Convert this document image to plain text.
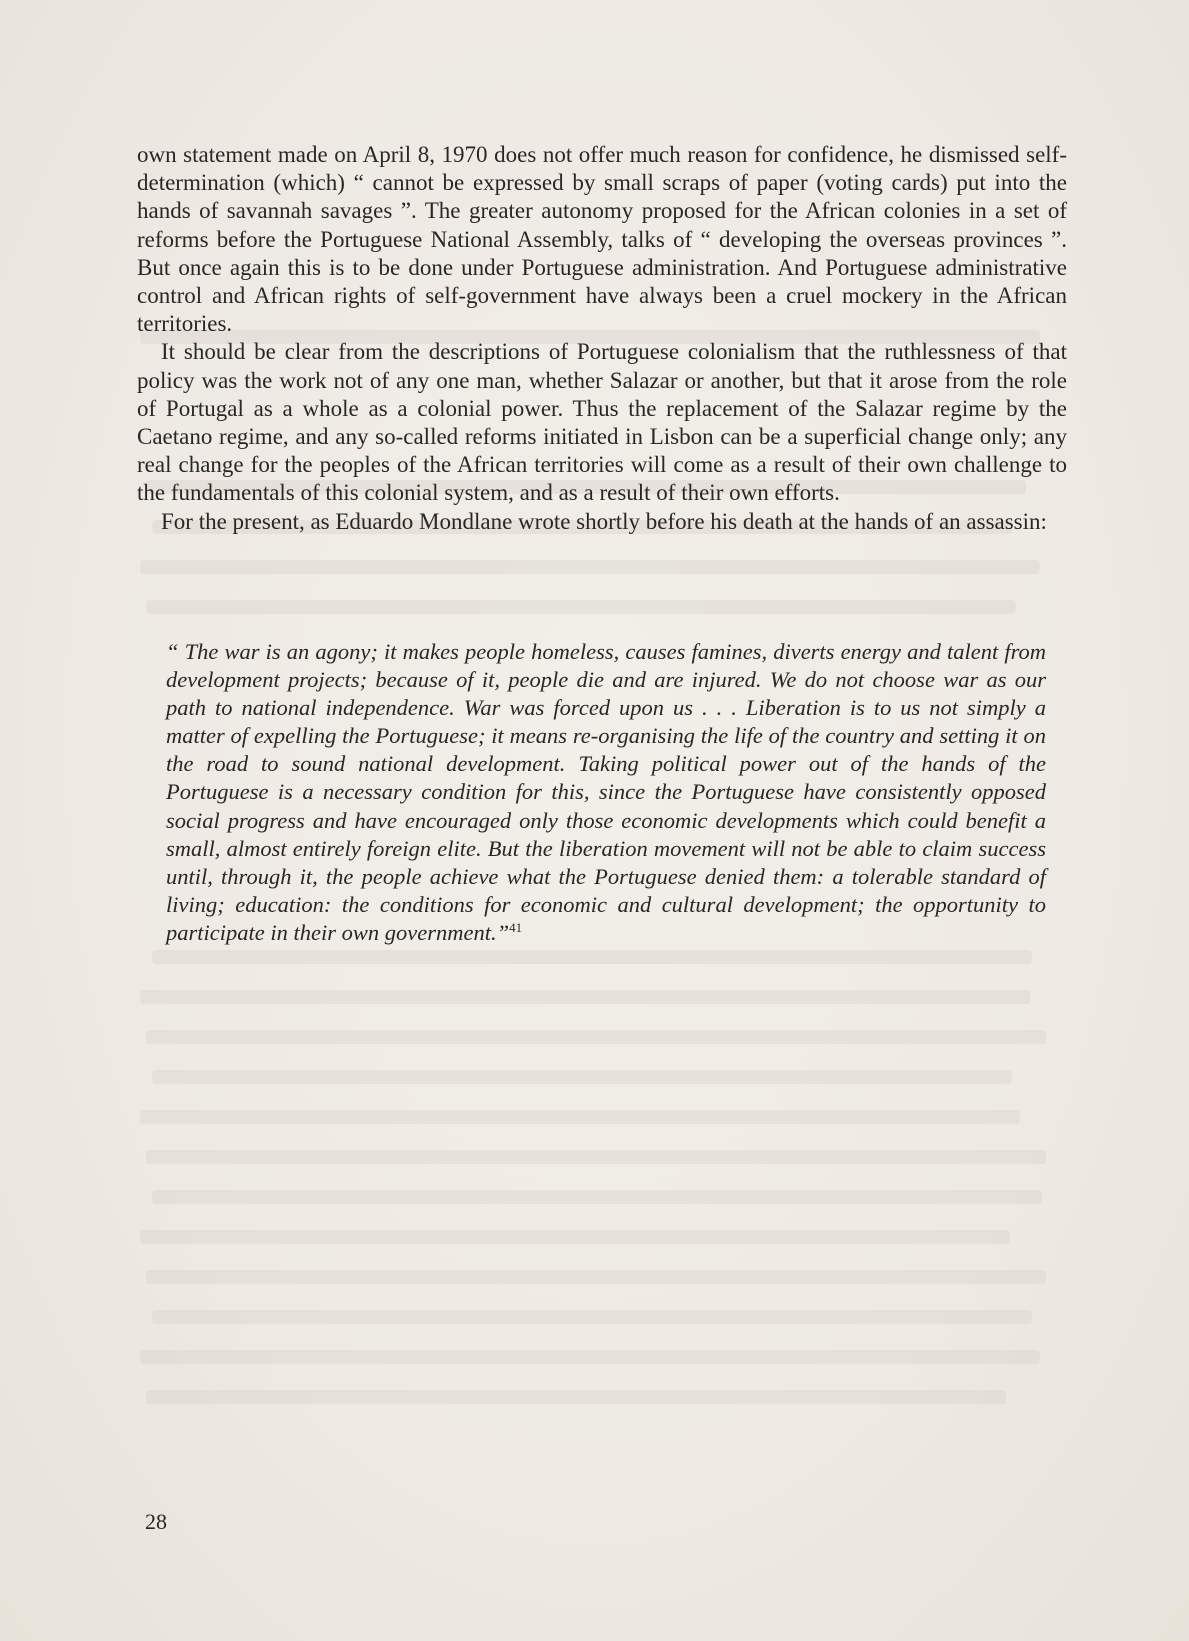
own statement made on April 8, 1970 does not offer much reason for confidence, he dismissed self-determination (which) “ cannot be expressed by small scraps of paper (voting cards) put into the hands of savannah savages ”. The greater autonomy proposed for the African colonies in a set of reforms before the Portuguese National Assembly, talks of “ developing the overseas provinces ”. But once again this is to be done under Portuguese administration. And Portuguese administrative control and African rights of self-government have always been a cruel mockery in the African territories.

It should be clear from the descriptions of Portuguese colonialism that the ruthlessness of that policy was the work not of any one man, whether Salazar or another, but that it arose from the role of Portugal as a whole as a colonial power. Thus the replacement of the Salazar regime by the Caetano regime, and any so-called reforms initiated in Lisbon can be a superficial change only; any real change for the peoples of the African territories will come as a result of their own challenge to the fundamentals of this colonial system, and as a result of their own efforts.

For the present, as Eduardo Mondlane wrote shortly before his death at the hands of an assassin:

“ The war is an agony; it makes people homeless, causes famines, diverts energy and talent from development projects; because of it, people die and are injured. We do not choose war as our path to national independence. War was forced upon us . . . Liberation is to us not simply a matter of expelling the Portuguese; it means re-organising the life of the country and setting it on the road to sound national development. Taking political power out of the hands of the Portuguese is a necessary condition for this, since the Portuguese have consistently opposed social progress and have encouraged only those economic developments which could benefit a small, almost entirely foreign elite. But the liberation movement will not be able to claim success until, through it, the people achieve what the Portuguese denied them: a tolerable standard of living; education: the conditions for economic and cultural development; the opportunity to participate in their own government.”$^{41}$
28
